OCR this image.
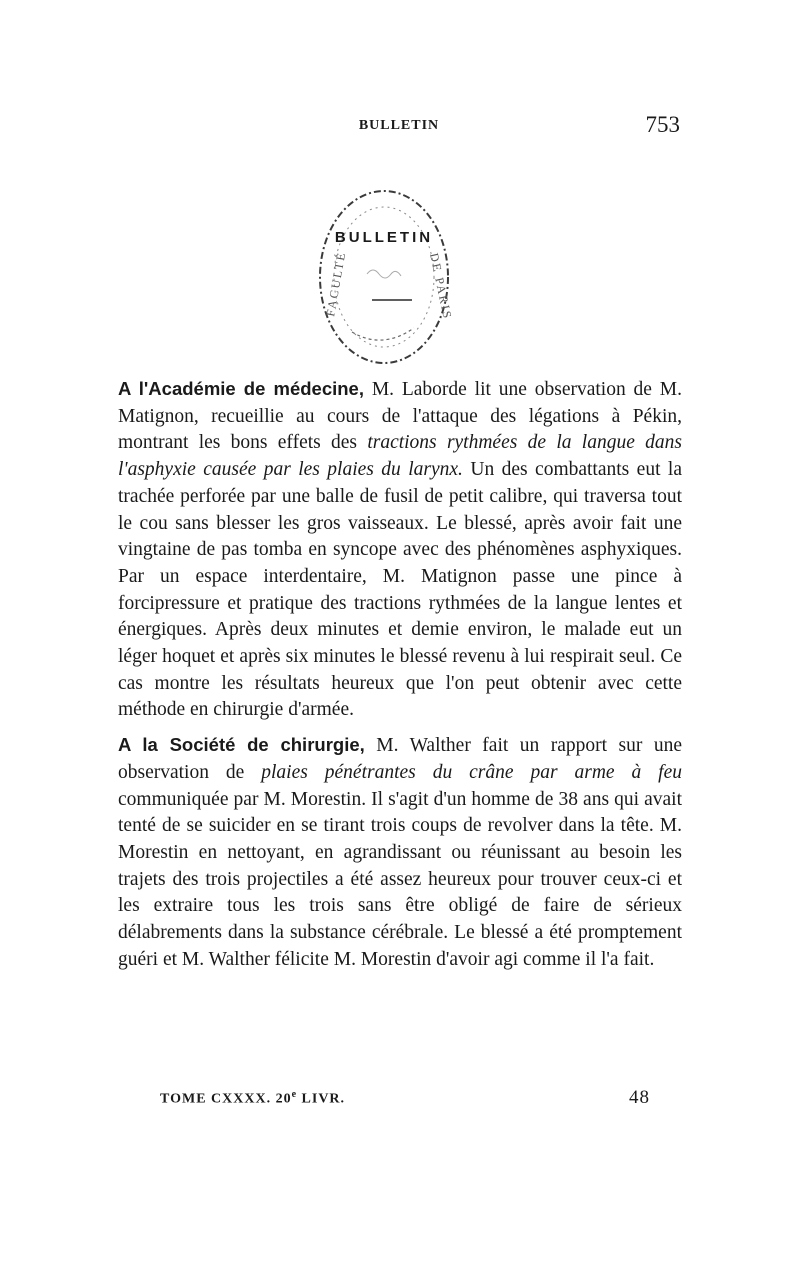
BULLETIN	753
BULLETIN
FACULTÉ	DE PARIS

A l'Académie de médecine, M. Laborde lit une observation de M. Matignon, recueillie au cours de l'attaque des légations à Pékin, montrant les bons effets des tractions rythmées de la langue dans l'asphyxie causée par les plaies du larynx. Un des combattants eut la trachée perforée par une balle de fusil de petit calibre, qui traversa tout le cou sans blesser les gros vaisseaux. Le blessé, après avoir fait une vingtaine de pas tomba en syncope avec des phénomènes asphyxiques. Par un espace interdentaire, M. Matignon passe une pince à forcipressure et pratique des tractions rythmées de la langue lentes et énergiques. Après deux minutes et demie environ, le malade eut un léger hoquet et après six minutes le blessé revenu à lui respirait seul. Ce cas montre les résultats heureux que l'on peut obtenir avec cette méthode en chirurgie d'armée.

A la Société de chirurgie, M. Walther fait un rapport sur une observation de plaies pénétrantes du crâne par arme à feu communiquée par M. Morestin. Il s'agit d'un homme de 38 ans qui avait tenté de se suicider en se tirant trois coups de revolver dans la tête. M. Morestin en nettoyant, en agrandissant ou réunissant au besoin les trajets des trois projectiles a été assez heureux pour trouver ceux-ci et les extraire tous les trois sans être obligé de faire de sérieux délabrements dans la substance cérébrale. Le blessé a été promptement guéri et M. Walther félicite M. Morestin d'avoir agi comme il l'a fait.

TOME CXXXX. 20e LIVR.	48
